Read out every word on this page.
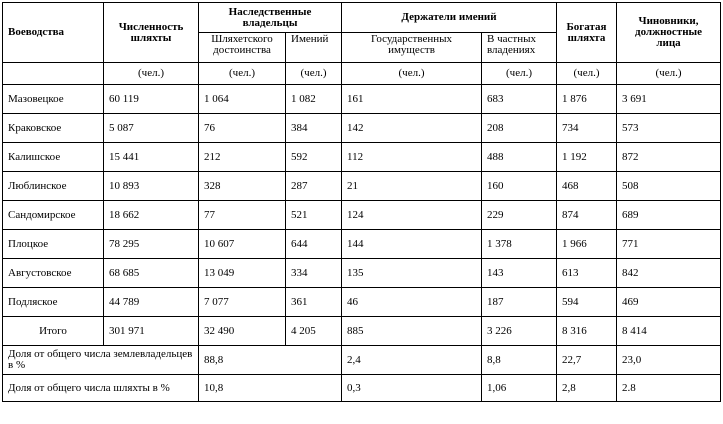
Воеводства	Численность шляхты	Наследственные владельцы		Держатели имений		Богатая шляхта	Чиновники, должностные лица
		Шляхетского достоинства	Имений	Государственных имуществ	В частных владениях		
	(чел.)	(чел.)	(чел.)	(чел.)	(чел.)	(чел.)	(чел.)
Мазовецкое	60 119	1 064	1 082	161	683	1 876	3 691
Краковское	5 087	76	384	142	208	734	573
Калишское	15 441	212	592	112	488	1 192	872
Люблинское	10 893	328	287	21	160	468	508
Сандомирское	18 662	77	521	124	229	874	689
Плоцкое	78 295	10 607	644	144	1 378	1 966	771
Августовское	68 685	13 049	334	135	143	613	842
Подляское	44 789	7 077	361	46	187	594	469
Итого	301 971	32 490	4 205	885	3 226	8 316	8 414
Доля от общего числа землевладельцев в %		88,8		2,4	8,8	22,7	23,0
Доля от общего числа шляхты в %		10,8		0,3	1,06	2,8	2.8
